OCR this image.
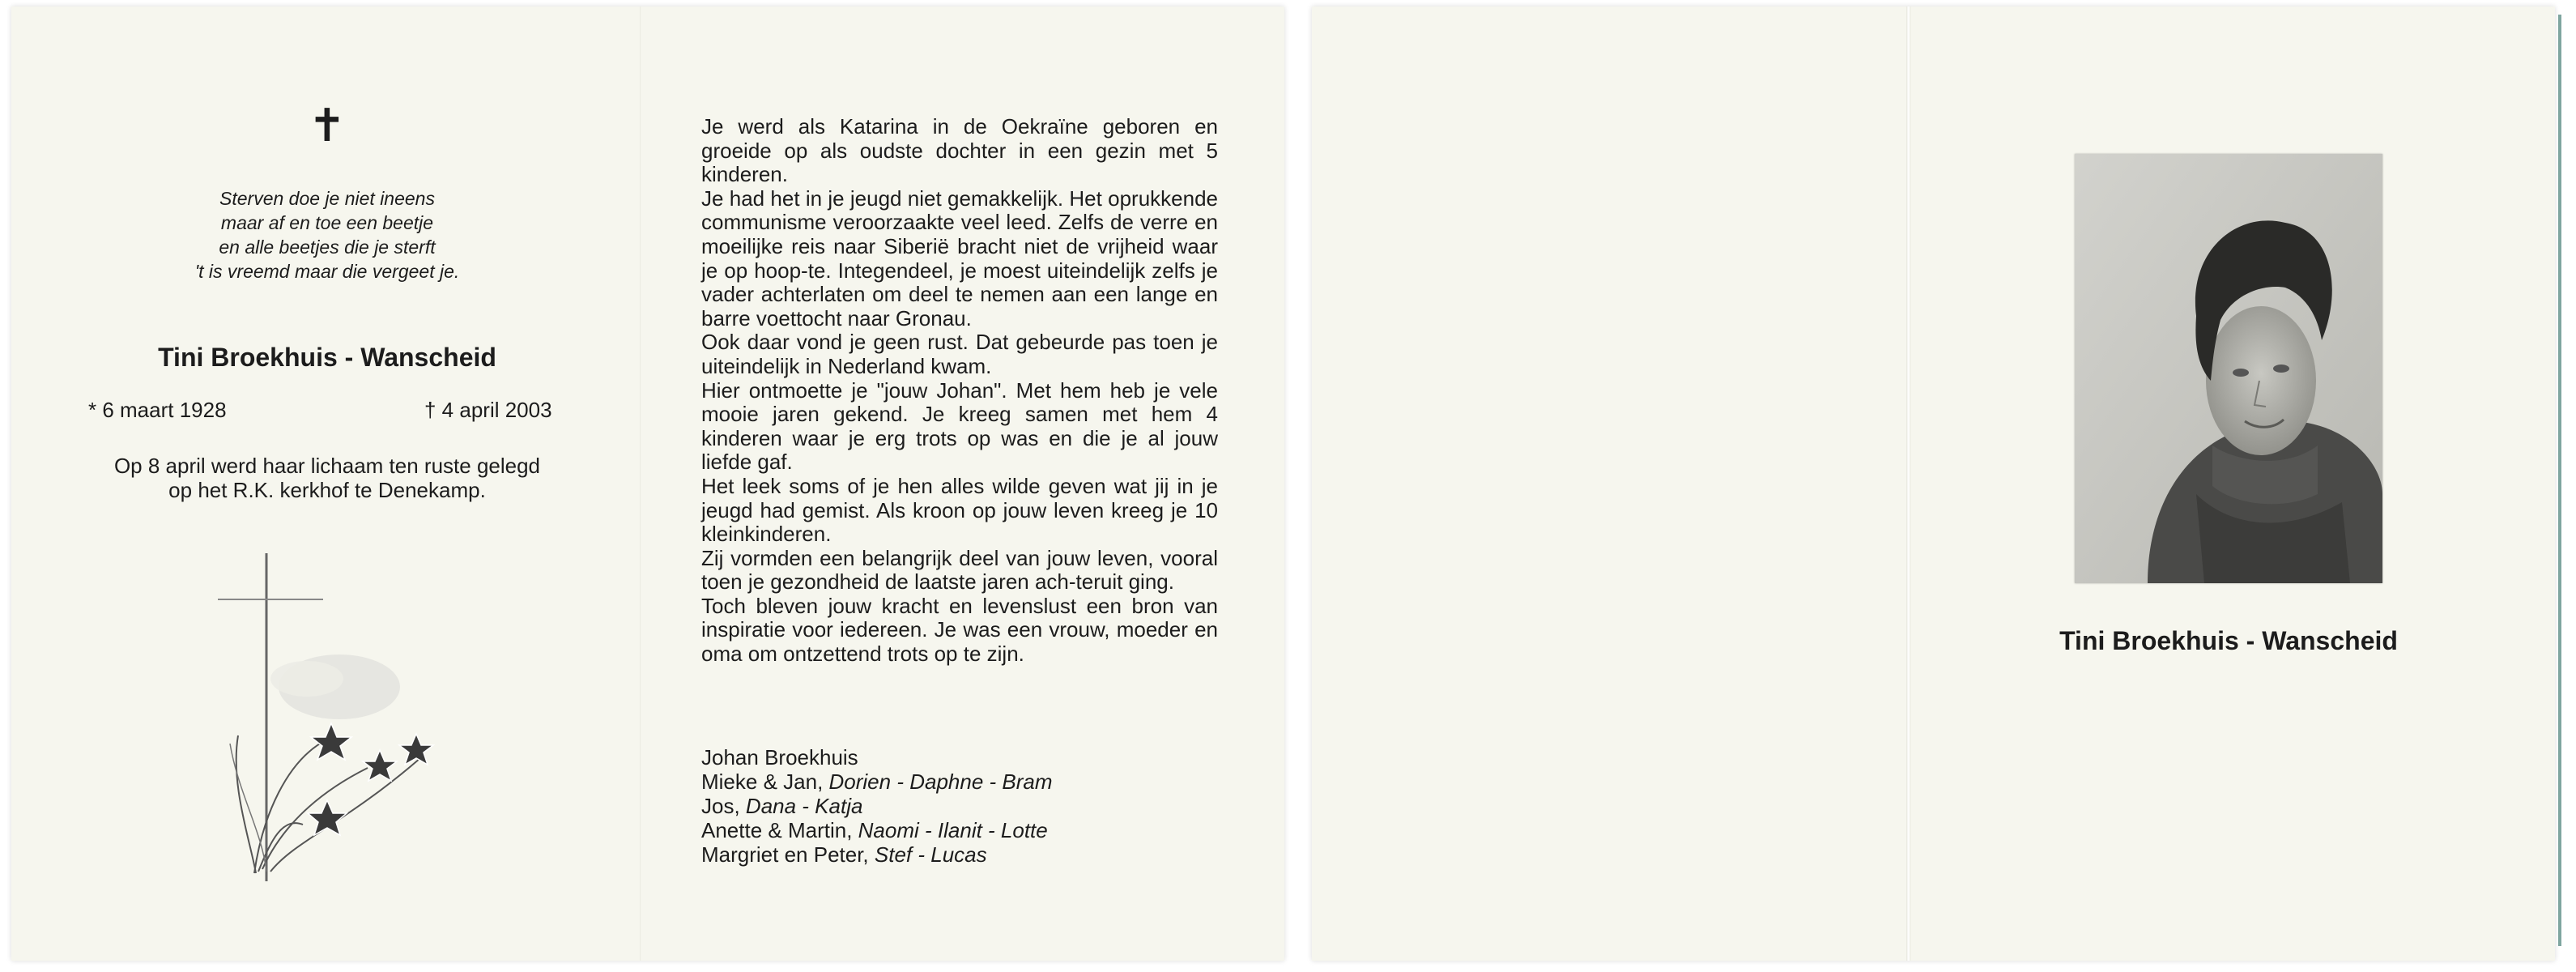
✝
Sterven doe je niet ineens
maar af en toe een beetje
en alle beetjes die je sterft
't is vreemd maar die vergeet je.
Tini Broekhuis - Wanscheid
* 6 maart 1928	† 4 april 2003
Op 8 april werd haar lichaam ten ruste gelegd
op het R.K. kerkhof te Denekamp.

Je werd als Katarina in de Oekraïne geboren en groeide op als oudste dochter in een gezin met 5 kinderen.

Je had het in je jeugd niet gemakkelijk. Het oprukkende communisme veroorzaakte veel leed. Zelfs de verre en moeilijke reis naar Siberië bracht niet de vrijheid waar je op hoop-te. Integendeel, je moest uiteindelijk zelfs je vader achterlaten om deel te nemen aan een lange en barre voettocht naar Gronau.

Ook daar vond je geen rust. Dat gebeurde pas toen je uiteindelijk in Nederland kwam.

Hier ontmoette je "jouw Johan". Met hem heb je vele mooie jaren gekend. Je kreeg samen met hem 4 kinderen waar je erg trots op was en die je al jouw liefde gaf.

Het leek soms of je hen alles wilde geven wat jij in je jeugd had gemist. Als kroon op jouw leven kreeg je 10 kleinkinderen.

Zij vormden een belangrijk deel van jouw leven, vooral toen je gezondheid de laatste jaren ach-teruit ging.

Toch bleven jouw kracht en levenslust een bron van inspiratie voor iedereen. Je was een vrouw, moeder en oma om ontzettend trots op te zijn.

Johan Broekhuis
Mieke & Jan, Dorien - Daphne - Bram
Jos, Dana - Katja
Anette & Martin, Naomi - Ilanit - Lotte
Margriet en Peter, Stef - Lucas
Tini Broekhuis - Wanscheid
